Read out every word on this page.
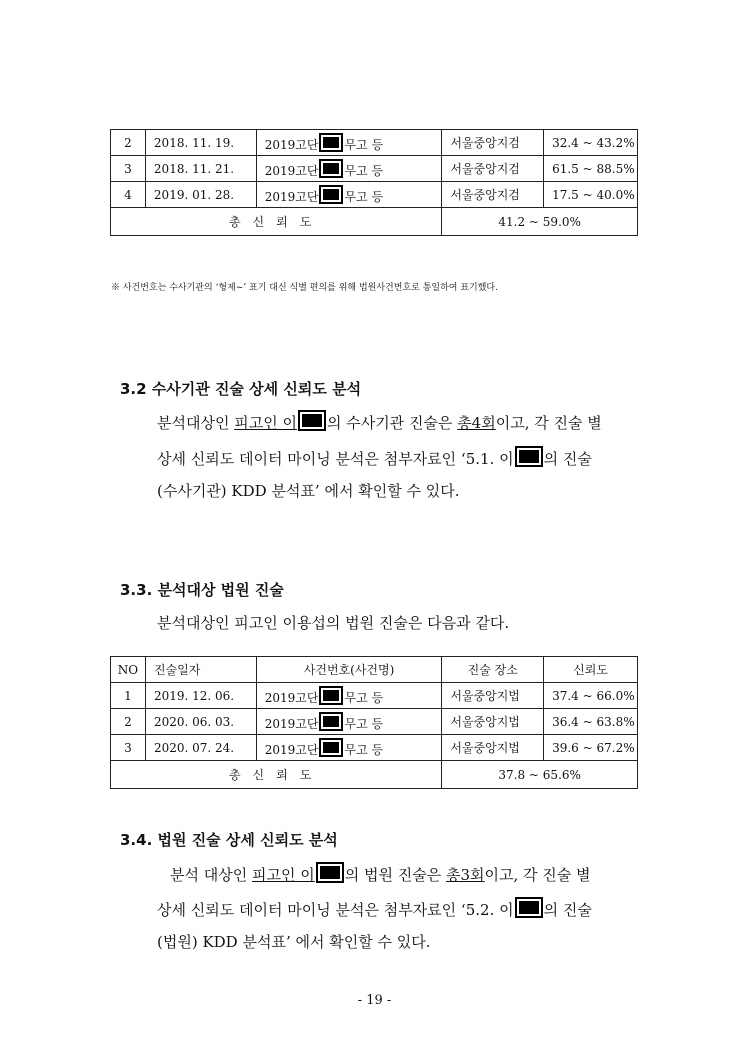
2	2018. 11. 19.	2019고단 무고 등	서울중앙지검	32.4 ~ 43.2%
3	2018. 11. 21.	2019고단 무고 등	서울중앙지검	61.5 ~ 88.5%
4	2019. 01. 28.	2019고단 무고 등	서울중앙지검	17.5 ~ 40.0%
총신뢰도			41.2 ~ 59.0%	
※ 사건번호는 수사기관의 ‘형제~’ 표기 대신 식별 편의를 위해 법원사건번호로 통일하여 표기했다.
3.2 수사기관 진술 상세 신뢰도 분석
분석대상인 피고인 이 의 수사기관 진술은 총4회이고, 각 진술 별
상세 신뢰도 데이터 마이닝 분석은 첨부자료인 ‘5.1. 이 의 진술
(수사기관) KDD 분석표’ 에서 확인할 수 있다.
3.3. 분석대상 법원 진술
분석대상인 피고인 이용섭의 법원 진술은 다음과 같다.
NO	진술일자	사건번호(사건명)	진술 장소	신뢰도
1	2019. 12. 06.	2019고단 무고 등	서울중앙지법	37.4 ~ 66.0%
2	2020. 06. 03.	2019고단 무고 등	서울중앙지법	36.4 ~ 63.8%
3	2020. 07. 24.	2019고단 무고 등	서울중앙지법	39.6 ~ 67.2%
총신뢰도			37.8 ~ 65.6%	
3.4. 법원 진술 상세 신뢰도 분석
분석 대상인 피고인 이 의 법원 진술은 총3회이고, 각 진술 별
상세 신뢰도 데이터 마이닝 분석은 첨부자료인 ‘5.2. 이 의 진술
(법원) KDD 분석표’ 에서 확인할 수 있다.
- 19 -
